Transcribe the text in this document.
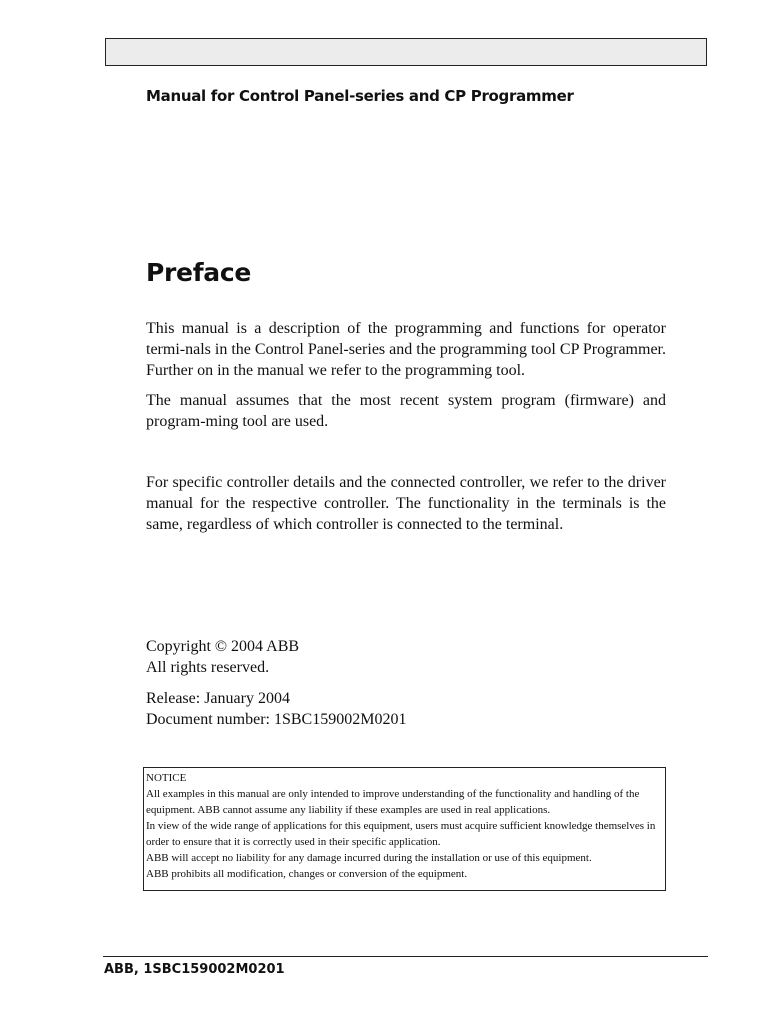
Manual for Control Panel-series and CP Programmer
Preface

This manual is a description of the programming and functions for operator termi-nals in the Control Panel-series and the programming tool CP Programmer. Further on in the manual we refer to the programming tool.

The manual assumes that the most recent system program (firmware) and program-ming tool are used.

For specific controller details and the connected controller, we refer to the driver manual for the respective controller. The functionality in the terminals is the same, regardless of which controller is connected to the terminal.

Copyright © 2004 ABB
All rights reserved.
Release: January 2004
Document number: 1SBC159002M0201
NOTICE
All examples in this manual are only intended to improve understanding of the functionality and handling of the
equipment. ABB cannot assume any liability if these examples are used in real applications.
In view of the wide range of applications for this equipment, users must acquire sufficient knowledge themselves in
order to ensure that it is correctly used in their specific application.
ABB will accept no liability for any damage incurred during the installation or use of this equipment.
ABB prohibits all modification, changes or conversion of the equipment.
ABB, 1SBC159002M0201
